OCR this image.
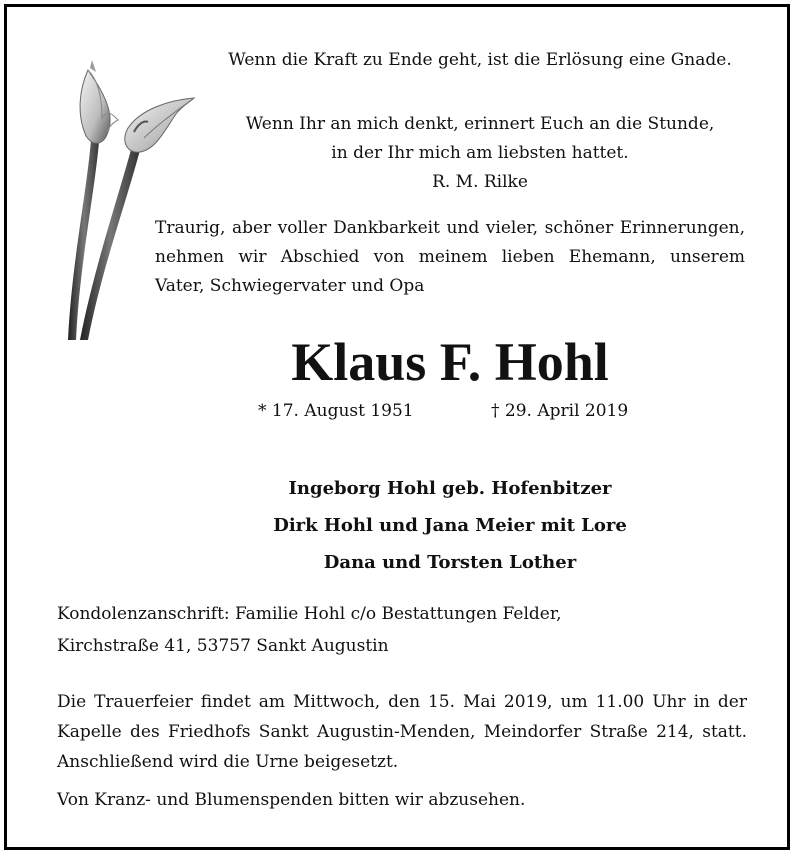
Wenn die Kraft zu Ende geht, ist die Erlösung eine Gnade.
Wenn Ihr an mich denkt, erinnert Euch an die Stunde,
in der Ihr mich am liebsten hattet.
R. M. Rilke
Traurig, aber voller Dankbarkeit und vieler, schöner Erinnerungen,
nehmen wir Abschied von meinem lieben Ehemann, unserem
Vater, Schwiegervater und Opa
Klaus F. Hohl
* 17. August 1951	† 29. April 2019
Ingeborg Hohl geb. Hofenbitzer
Dirk Hohl und Jana Meier mit Lore
Dana und Torsten Lother
Kondolenzanschrift: Familie Hohl c/o Bestattungen Felder,
Kirchstraße 41, 53757 Sankt Augustin
Die Trauerfeier findet am Mittwoch, den 15. Mai 2019, um 11.00 Uhr in der
Kapelle des Friedhofs Sankt Augustin-Menden, Meindorfer Straße 214, statt.
Anschließend wird die Urne beigesetzt.
Von Kranz- und Blumenspenden bitten wir abzusehen.
